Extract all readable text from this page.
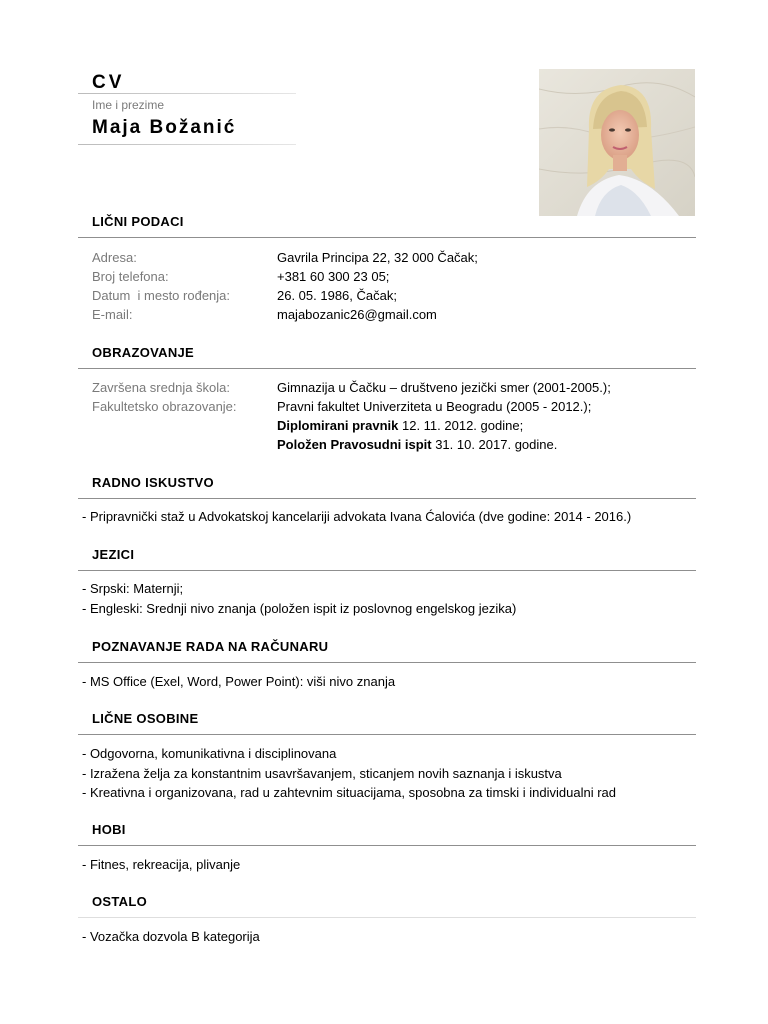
CV
Ime i prezime
Maja Božanić
LIČNI PODACI
Adresa:	Gavrila Principa 22, 32 000 Čačak;
Broj telefona:	+381 60 300 23 05;
Datum  i mesto rođenja:	26. 05. 1986, Čačak;
E-mail:	majabozanic26@gmail.com
OBRAZOVANJE
Završena srednja škola:	Gimnazija u Čačku – društveno jezički smer (2001-2005.);
Fakultetsko obrazovanje:	Pravni fakultet Univerziteta u Beogradu (2005 - 2012.);
Diplomirani pravnik 12. 11. 2012. godine;
Položen Pravosudni ispit 31. 10. 2017. godine.
RADNO ISKUSTVO
- Pripravnički staž u Advokatskoj kancelariji advokata Ivana Ćalovića (dve godine: 2014 - 2016.)
JEZICI
- Srpski: Maternji;
- Engleski: Srednji nivo znanja (položen ispit iz poslovnog engelskog jezika)
POZNAVANJE RADA NA RAČUNARU
- MS Office (Exel, Word, Power Point): viši nivo znanja
LIČNE OSOBINE
- Odgovorna, komunikativna i disciplinovana
- Izražena želja za konstantnim usavršavanjem, sticanjem novih saznanja i iskustva
- Kreativna i organizovana, rad u zahtevnim situacijama, sposobna za timski i individualni rad
HOBI
- Fitnes, rekreacija, plivanje
OSTALO
- Vozačka dozvola B kategorija
